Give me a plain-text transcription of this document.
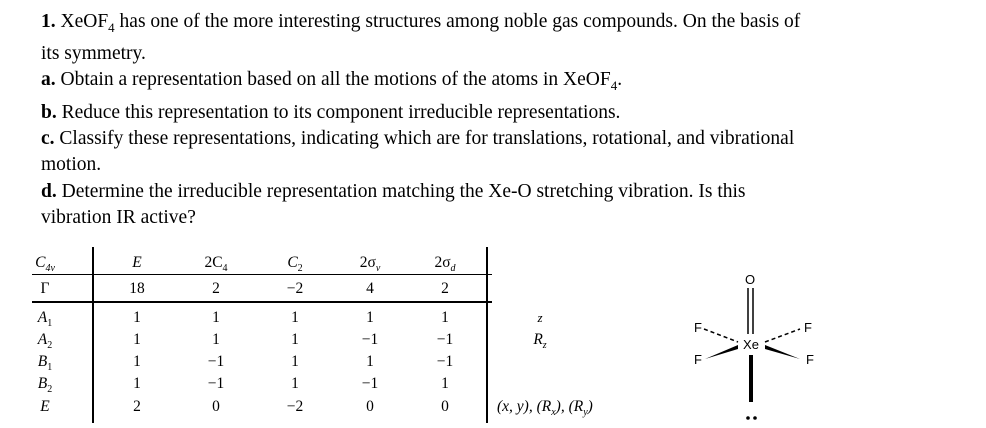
1. XeOF$_4$ has one of the more interesting structures among noble gas compounds. On the basis of
its symmetry.

a. Obtain a representation based on all the motions of the atoms in XeOF$_4$.

b. Reduce this representation to its component irreducible representations.

c. Classify these representations, indicating which are for translations, rotational, and vibrational
motion.

d. Determine the irreducible representation matching the Xe-O stretching vibration. Is this
vibration IR active?

$C_{4v}$	E	$2C_4$	$C_2$	$2\sigma_v$	$2\sigma_d$
Γ	18	2	−2	4	2
$A_1$	1	1	1	1	1	z
$A_2$	1	1	1	−1	−1	$R_z$
$B_1$	1	−1	1	1	−1
$B_2$	1	−1	1	−1	1
E	2	0	−2	0	0	(x, y), $(R_x)$, $(R_y)$
O
Xe
F	F
F	F
